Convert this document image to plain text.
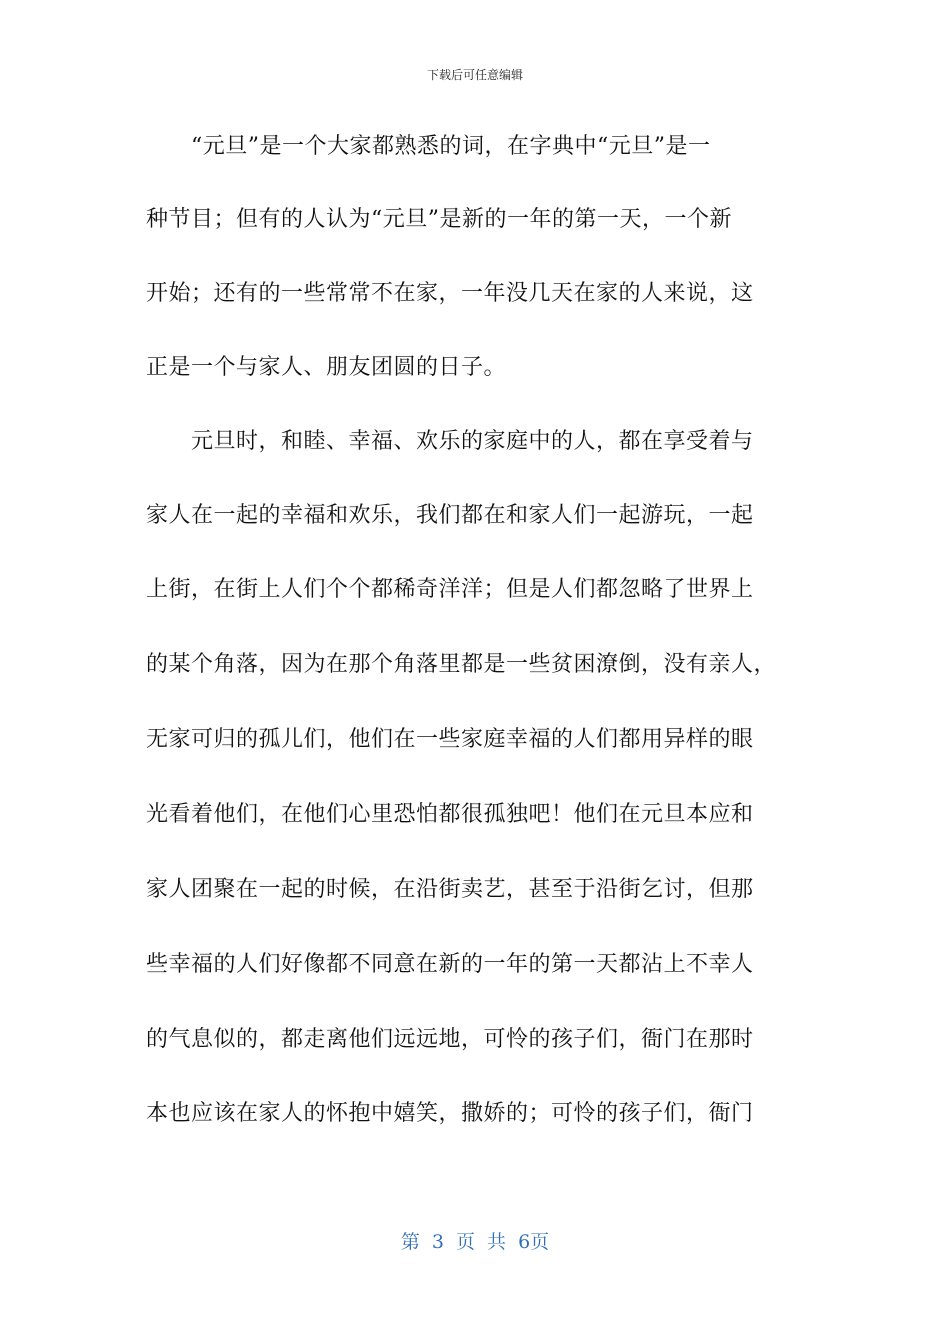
下载后可任意编辑
　　“元旦”是一个大家都熟悉的词，在字典中“元旦”是一
种节目；但有的人认为“元旦”是新的一年的第一天，一个新
开始；还有的一些常常不在家，一年没几天在家的人来说，这
正是一个与家人、朋友团圆的日子。
　　元旦时，和睦、幸福、欢乐的家庭中的人，都在享受着与
家人在一起的幸福和欢乐，我们都在和家人们一起游玩，一起
上街，在街上人们个个都稀奇洋洋；但是人们都忽略了世界上
的某个角落，因为在那个角落里都是一些贫困潦倒，没有亲人，
无家可归的孤儿们，他们在一些家庭幸福的人们都用异样的眼
光看着他们，在他们心里恐怕都很孤独吧！他们在元旦本应和
家人团聚在一起的时候，在沿街卖艺，甚至于沿街乞讨，但那
些幸福的人们好像都不同意在新的一年的第一天都沾上不幸人
的气息似的，都走离他们远远地，可怜的孩子们，衙门在那时
本也应该在家人的怀抱中嬉笑，撒娇的；可怜的孩子们，衙门
第 3 页 共 6页
